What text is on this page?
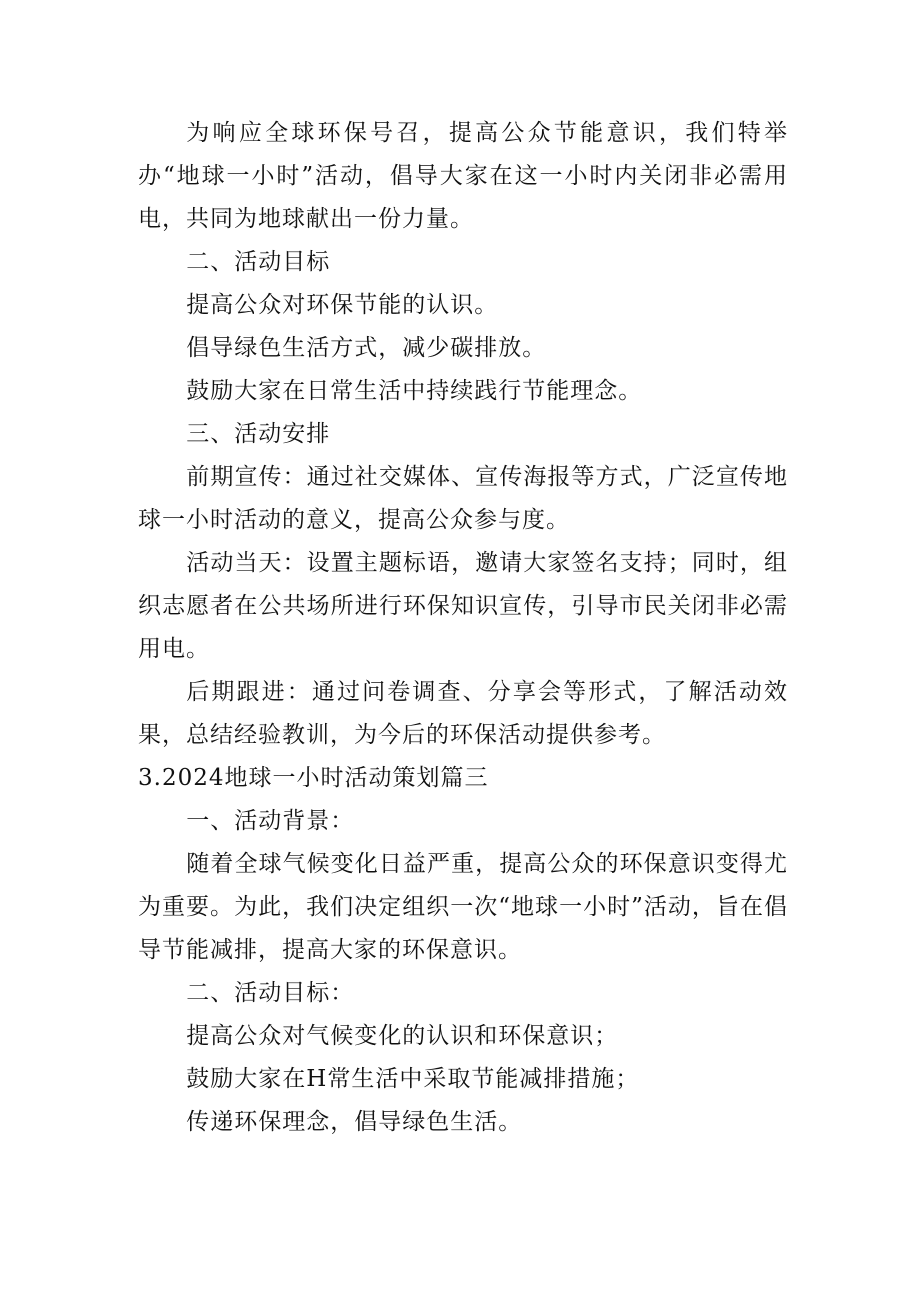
为响应全球环保号召，提高公众节能意识，我们特举办“地球一小时”活动，倡导大家在这一小时内关闭非必需用电，共同为地球献出一份力量。

二、活动目标

提高公众对环保节能的认识。

倡导绿色生活方式，减少碳排放。

鼓励大家在日常生活中持续践行节能理念。

三、活动安排

前期宣传：通过社交媒体、宣传海报等方式，广泛宣传地球一小时活动的意义，提高公众参与度。

活动当天：设置主题标语，邀请大家签名支持；同时，组织志愿者在公共场所进行环保知识宣传，引导市民关闭非必需用电。

后期跟进：通过问卷调查、分享会等形式，了解活动效果，总结经验教训，为今后的环保活动提供参考。

3.2024地球一小时活动策划篇三

一、活动背景：

随着全球气候变化日益严重，提高公众的环保意识变得尤为重要。为此，我们决定组织一次“地球一小时”活动，旨在倡导节能减排，提高大家的环保意识。

二、活动目标：

提高公众对气候变化的认识和环保意识；

鼓励大家在H常生活中采取节能减排措施；

传递环保理念，倡导绿色生活。
